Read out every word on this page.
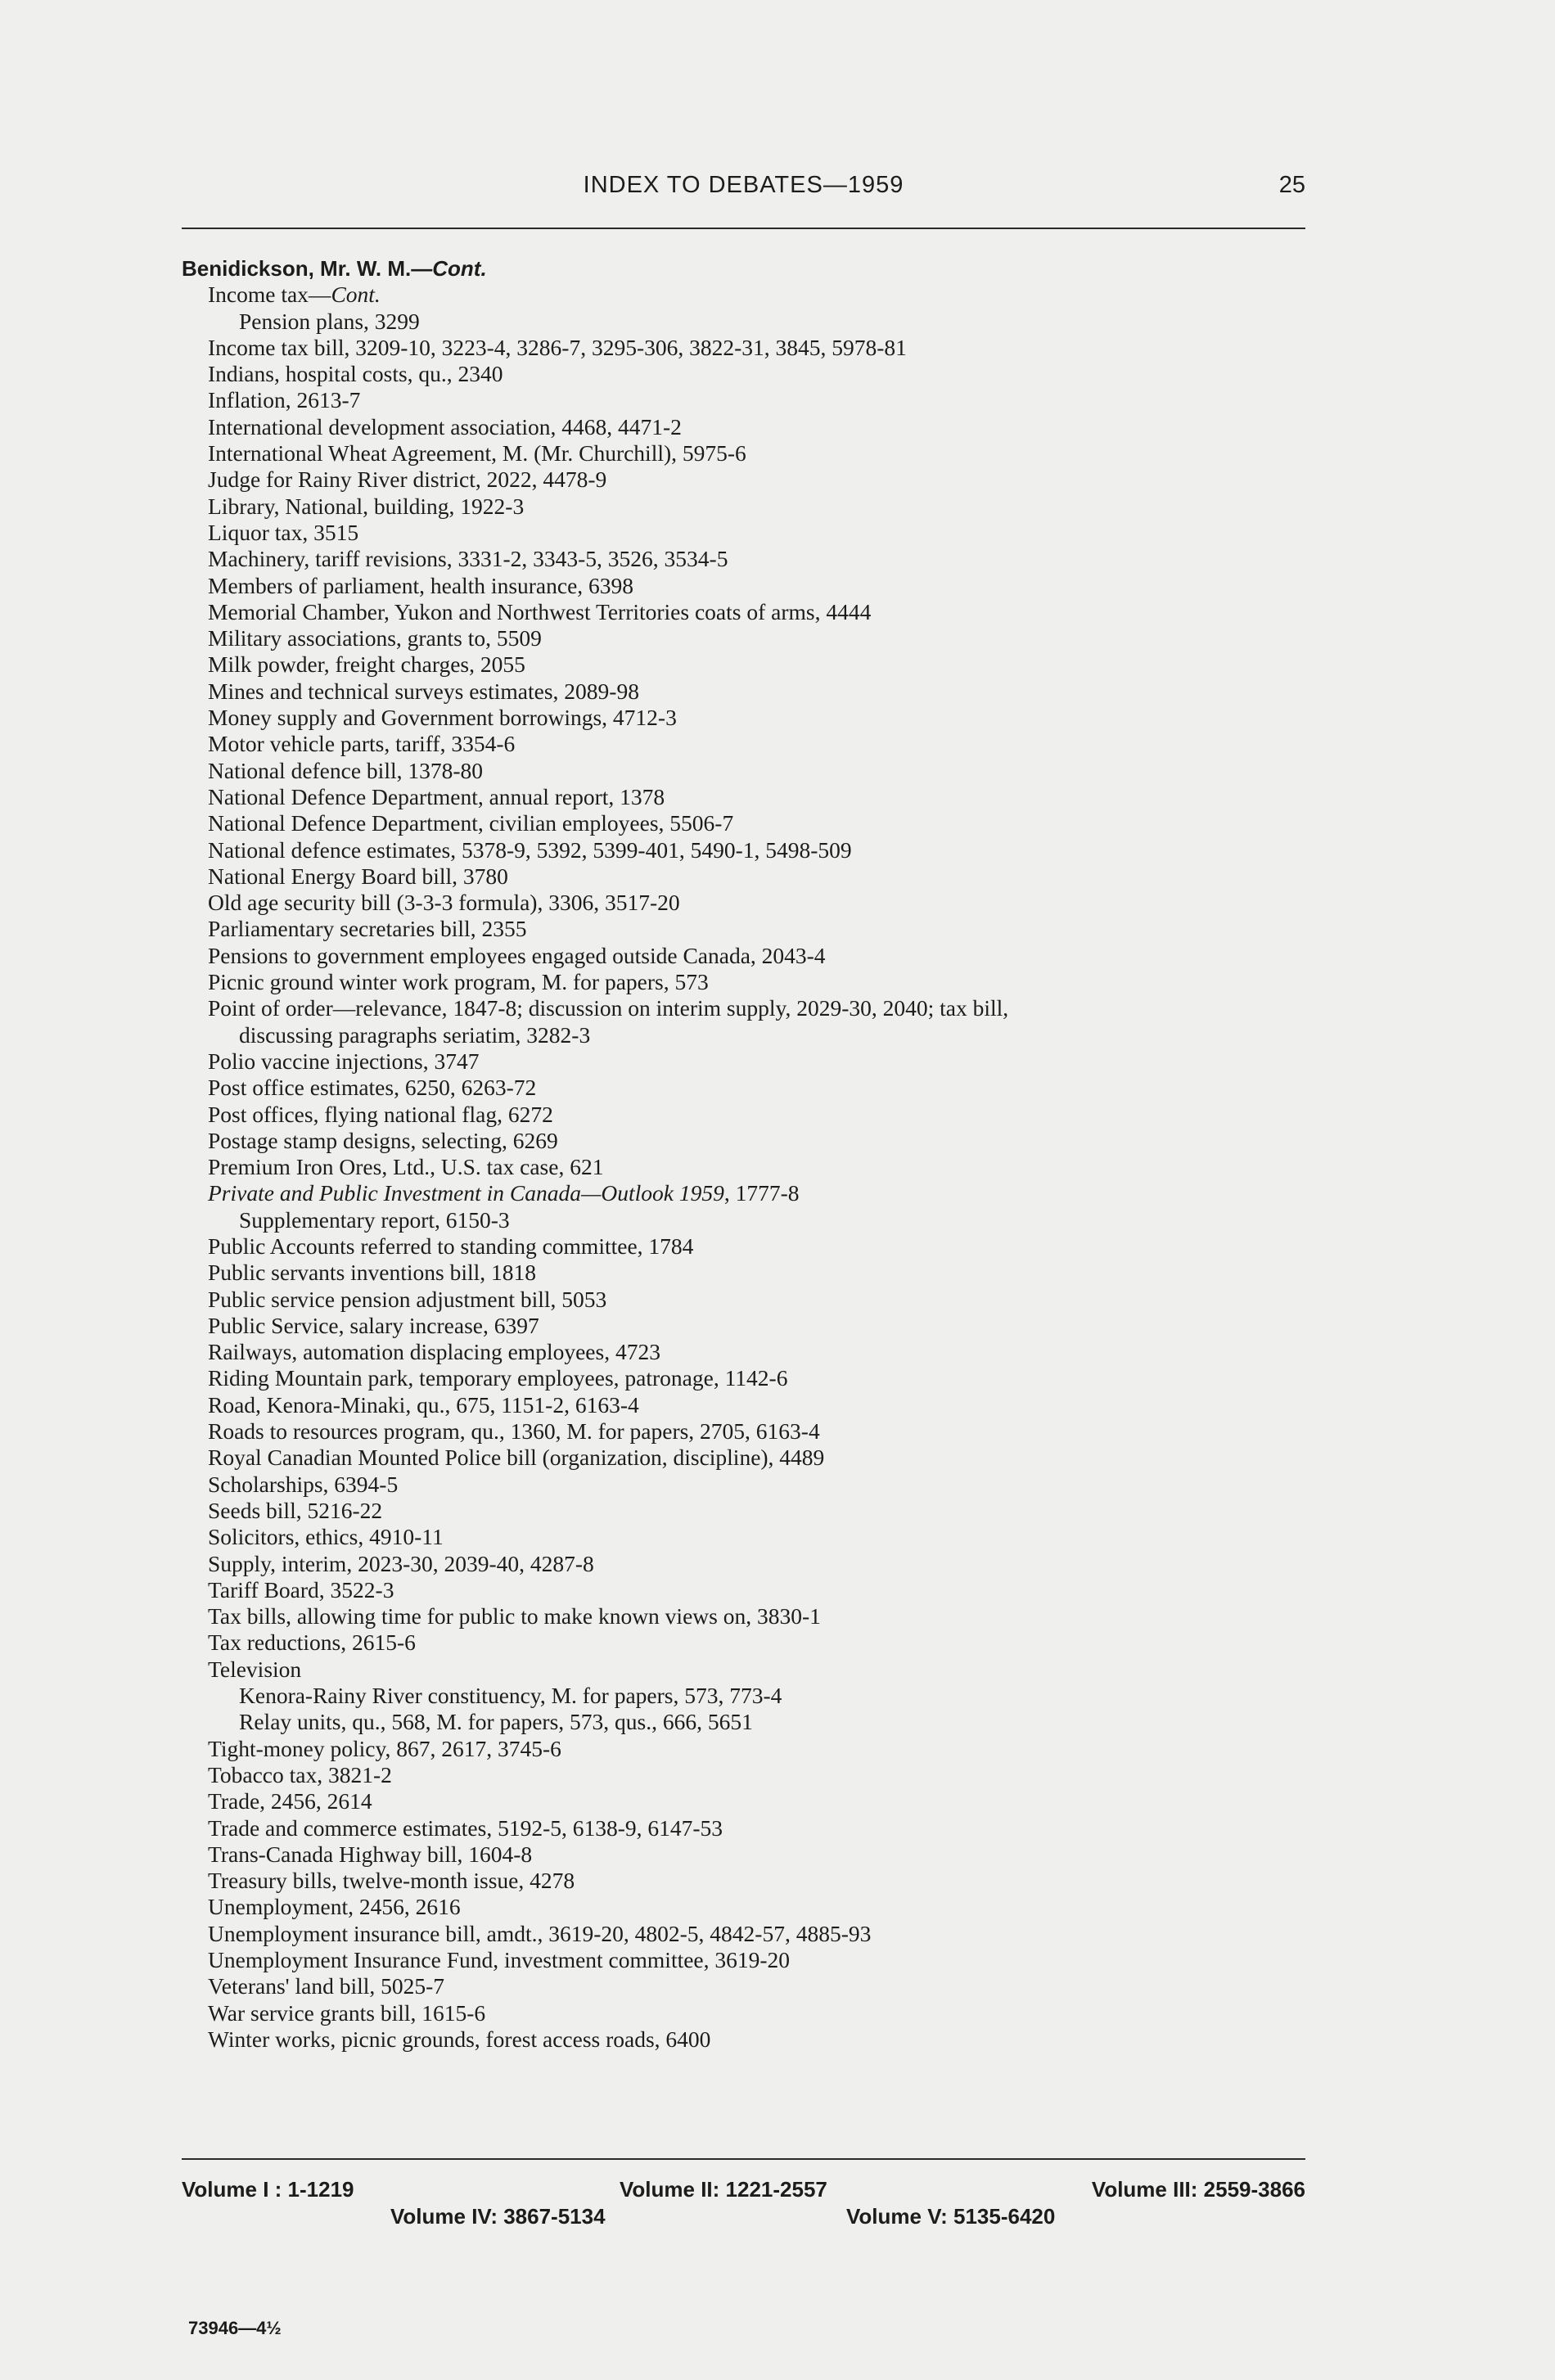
INDEX TO DEBATES—1959	25
Benidickson, Mr. W. M.—Cont.
Income tax—Cont.
Pension plans, 3299
Income tax bill, 3209-10, 3223-4, 3286-7, 3295-306, 3822-31, 3845, 5978-81
Indians, hospital costs, qu., 2340
Inflation, 2613-7
International development association, 4468, 4471-2
International Wheat Agreement, M. (Mr. Churchill), 5975-6
Judge for Rainy River district, 2022, 4478-9
Library, National, building, 1922-3
Liquor tax, 3515
Machinery, tariff revisions, 3331-2, 3343-5, 3526, 3534-5
Members of parliament, health insurance, 6398
Memorial Chamber, Yukon and Northwest Territories coats of arms, 4444
Military associations, grants to, 5509
Milk powder, freight charges, 2055
Mines and technical surveys estimates, 2089-98
Money supply and Government borrowings, 4712-3
Motor vehicle parts, tariff, 3354-6
National defence bill, 1378-80
National Defence Department, annual report, 1378
National Defence Department, civilian employees, 5506-7
National defence estimates, 5378-9, 5392, 5399-401, 5490-1, 5498-509
National Energy Board bill, 3780
Old age security bill (3-3-3 formula), 3306, 3517-20
Parliamentary secretaries bill, 2355
Pensions to government employees engaged outside Canada, 2043-4
Picnic ground winter work program, M. for papers, 573
Point of order—relevance, 1847-8; discussion on interim supply, 2029-30, 2040; tax bill,
discussing paragraphs seriatim, 3282-3
Polio vaccine injections, 3747
Post office estimates, 6250, 6263-72
Post offices, flying national flag, 6272
Postage stamp designs, selecting, 6269
Premium Iron Ores, Ltd., U.S. tax case, 621
Private and Public Investment in Canada—Outlook 1959, 1777-8
Supplementary report, 6150-3
Public Accounts referred to standing committee, 1784
Public servants inventions bill, 1818
Public service pension adjustment bill, 5053
Public Service, salary increase, 6397
Railways, automation displacing employees, 4723
Riding Mountain park, temporary employees, patronage, 1142-6
Road, Kenora-Minaki, qu., 675, 1151-2, 6163-4
Roads to resources program, qu., 1360, M. for papers, 2705, 6163-4
Royal Canadian Mounted Police bill (organization, discipline), 4489
Scholarships, 6394-5
Seeds bill, 5216-22
Solicitors, ethics, 4910-11
Supply, interim, 2023-30, 2039-40, 4287-8
Tariff Board, 3522-3
Tax bills, allowing time for public to make known views on, 3830-1
Tax reductions, 2615-6
Television
Kenora-Rainy River constituency, M. for papers, 573, 773-4
Relay units, qu., 568, M. for papers, 573, qus., 666, 5651
Tight-money policy, 867, 2617, 3745-6
Tobacco tax, 3821-2
Trade, 2456, 2614
Trade and commerce estimates, 5192-5, 6138-9, 6147-53
Trans-Canada Highway bill, 1604-8
Treasury bills, twelve-month issue, 4278
Unemployment, 2456, 2616
Unemployment insurance bill, amdt., 3619-20, 4802-5, 4842-57, 4885-93
Unemployment Insurance Fund, investment committee, 3619-20
Veterans' land bill, 5025-7
War service grants bill, 1615-6
Winter works, picnic grounds, forest access roads, 6400
Volume I : 1-1219	Volume II: 1221-2557	Volume III: 2559-3866
Volume IV: 3867-5134	Volume V: 5135-6420
73946—4½
